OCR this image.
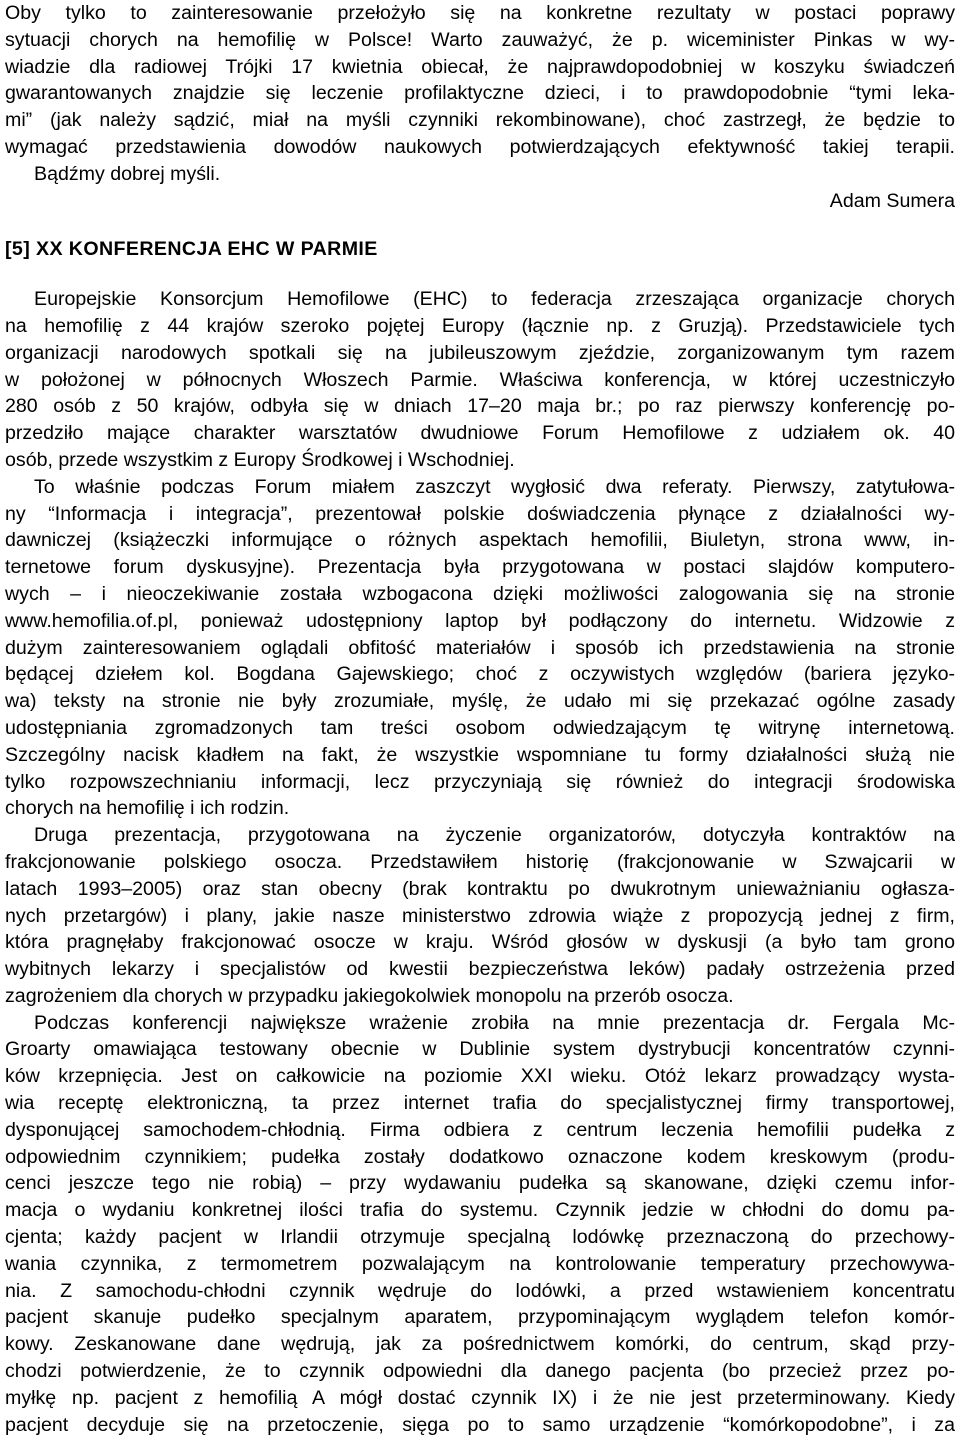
Oby tylko to zainteresowanie przełożyło się na konkretne rezultaty w postaci poprawy
sytuacji chorych na hemofilię w Polsce! Warto zauważyć, że p. wiceminister Pinkas w wy-
wiadzie dla radiowej Trójki 17 kwietnia obiecał, że najprawdopodobniej w koszyku świadczeń
gwarantowanych znajdzie się leczenie profilaktyczne dzieci, i to prawdopodobnie “tymi leka-
mi” (jak należy sądzić, miał na myśli czynniki rekombinowane), choć zastrzegł, że będzie to
wymagać przedstawienia dowodów naukowych potwierdzających efektywność takiej terapii.
Bądźmy dobrej myśli.
Adam Sumera
[5] XX KONFERENCJA EHC W PARMIE
Europejskie Konsorcjum Hemofilowe (EHC) to federacja zrzeszająca organizacje chorych
na hemofilię z 44 krajów szeroko pojętej Europy (łącznie np. z Gruzją). Przedstawiciele tych
organizacji narodowych spotkali się na jubileuszowym zjeździe, zorganizowanym tym razem
w położonej w północnych Włoszech Parmie. Właściwa konferencja, w której uczestniczyło
280 osób z 50 krajów, odbyła się w dniach 17–20 maja br.; po raz pierwszy konferencję po-
przedziło mające charakter warsztatów dwudniowe Forum Hemofilowe z udziałem ok. 40
osób, przede wszystkim z Europy Środkowej i Wschodniej.
To właśnie podczas Forum miałem zaszczyt wygłosić dwa referaty. Pierwszy, zatytułowa-
ny “Informacja i integracja”, prezentował polskie doświadczenia płynące z działalności wy-
dawniczej (książeczki informujące o różnych aspektach hemofilii, Biuletyn, strona www, in-
ternetowe forum dyskusyjne). Prezentacja była przygotowana w postaci slajdów komputero-
wych – i nieoczekiwanie została wzbogacona dzięki możliwości zalogowania się na stronie
www.hemofilia.of.pl, ponieważ udostępniony laptop był podłączony do internetu. Widzowie z
dużym zainteresowaniem oglądali obfitość materiałów i sposób ich przedstawienia na stronie
będącej dziełem kol. Bogdana Gajewskiego; choć z oczywistych względów (bariera językо-
wa) teksty na stronie nie były zrozumiałe, myślę, że udało mi się przekazać ogólne zasady
udostępniania zgromadzonych tam treści osobom odwiedzającym tę witrynę internetową.
Szczególny nacisk kładłem na fakt, że wszystkie wspomniane tu formy działalności służą nie
tylko rozpowszechnianiu informacji, lecz przyczyniają się również do integracji środowiska
chorych na hemofilię i ich rodzin.
Druga prezentacja, przygotowana na życzenie organizatorów, dotyczyła kontraktów na
frakcjonowanie polskiego osocza. Przedstawiłem historię (frakcjonowanie w Szwajcarii w
latach 1993–2005) oraz stan obecny (brak kontraktu po dwukrotnym unieważnianiu ogłasza-
nych przetargów) i plany, jakie nasze ministerstwo zdrowia wiąże z propozycją jednej z firm,
która pragnęłaby frakcjonować osocze w kraju. Wśród głosów w dyskusji (a było tam grono
wybitnych lekarzy i specjalistów od kwestii bezpieczeństwa leków) padały ostrzeżenia przed
zagrożeniem dla chorych w przypadku jakiegokolwiek monopolu na przerób osocza.
Podczas konferencji największe wrażenie zrobiła na mnie prezentacja dr. Fergala Mc-
Groarty omawiająca testowany obecnie w Dublinie system dystrybucji koncentratów czynni-
ków krzepnięcia. Jest on całkowicie na poziomie XXI wieku. Otóż lekarz prowadzący wysta-
wia receptę elektroniczną, ta przez internet trafia do specjalistycznej firmy transportowej,
dysponującej samochodem-chłodnią. Firma odbiera z centrum leczenia hemofilii pudełka z
odpowiednim czynnikiem; pudełka zostały dodatkowo oznaczone kodem kreskowym (produ-
cenci jeszcze tego nie robią) – przy wydawaniu pudełka są skanowane, dzięki czemu infor-
macja o wydaniu konkretnej ilości trafia do systemu. Czynnik jedzie w chłodni do domu pa-
cjenta; każdy pacjent w Irlandii otrzymuje specjalną lodówkę przeznaczoną do przechowy-
wania czynnika, z termometrem pozwalającym na kontrolowanie temperatury przechowywa-
nia. Z samochodu-chłodni czynnik wędruje do lodówki, a przed wstawieniem koncentratu
pacjent skanuje pudełko specjalnym aparatem, przypominającym wyglądem telefon komór-
kowy. Zeskanowane dane wędrują, jak za pośrednictwem komórki, do centrum, skąd przy-
chodzi potwierdzenie, że to czynnik odpowiedni dla danego pacjenta (bo przecież przez po-
myłkę np. pacjent z hemofilią A mógł dostać czynnik IX) i że nie jest przeterminowany. Kiedy
pacjent decyduje się na przetoczenie, sięga po to samo urządzenie “komórkopodobne”, i za
